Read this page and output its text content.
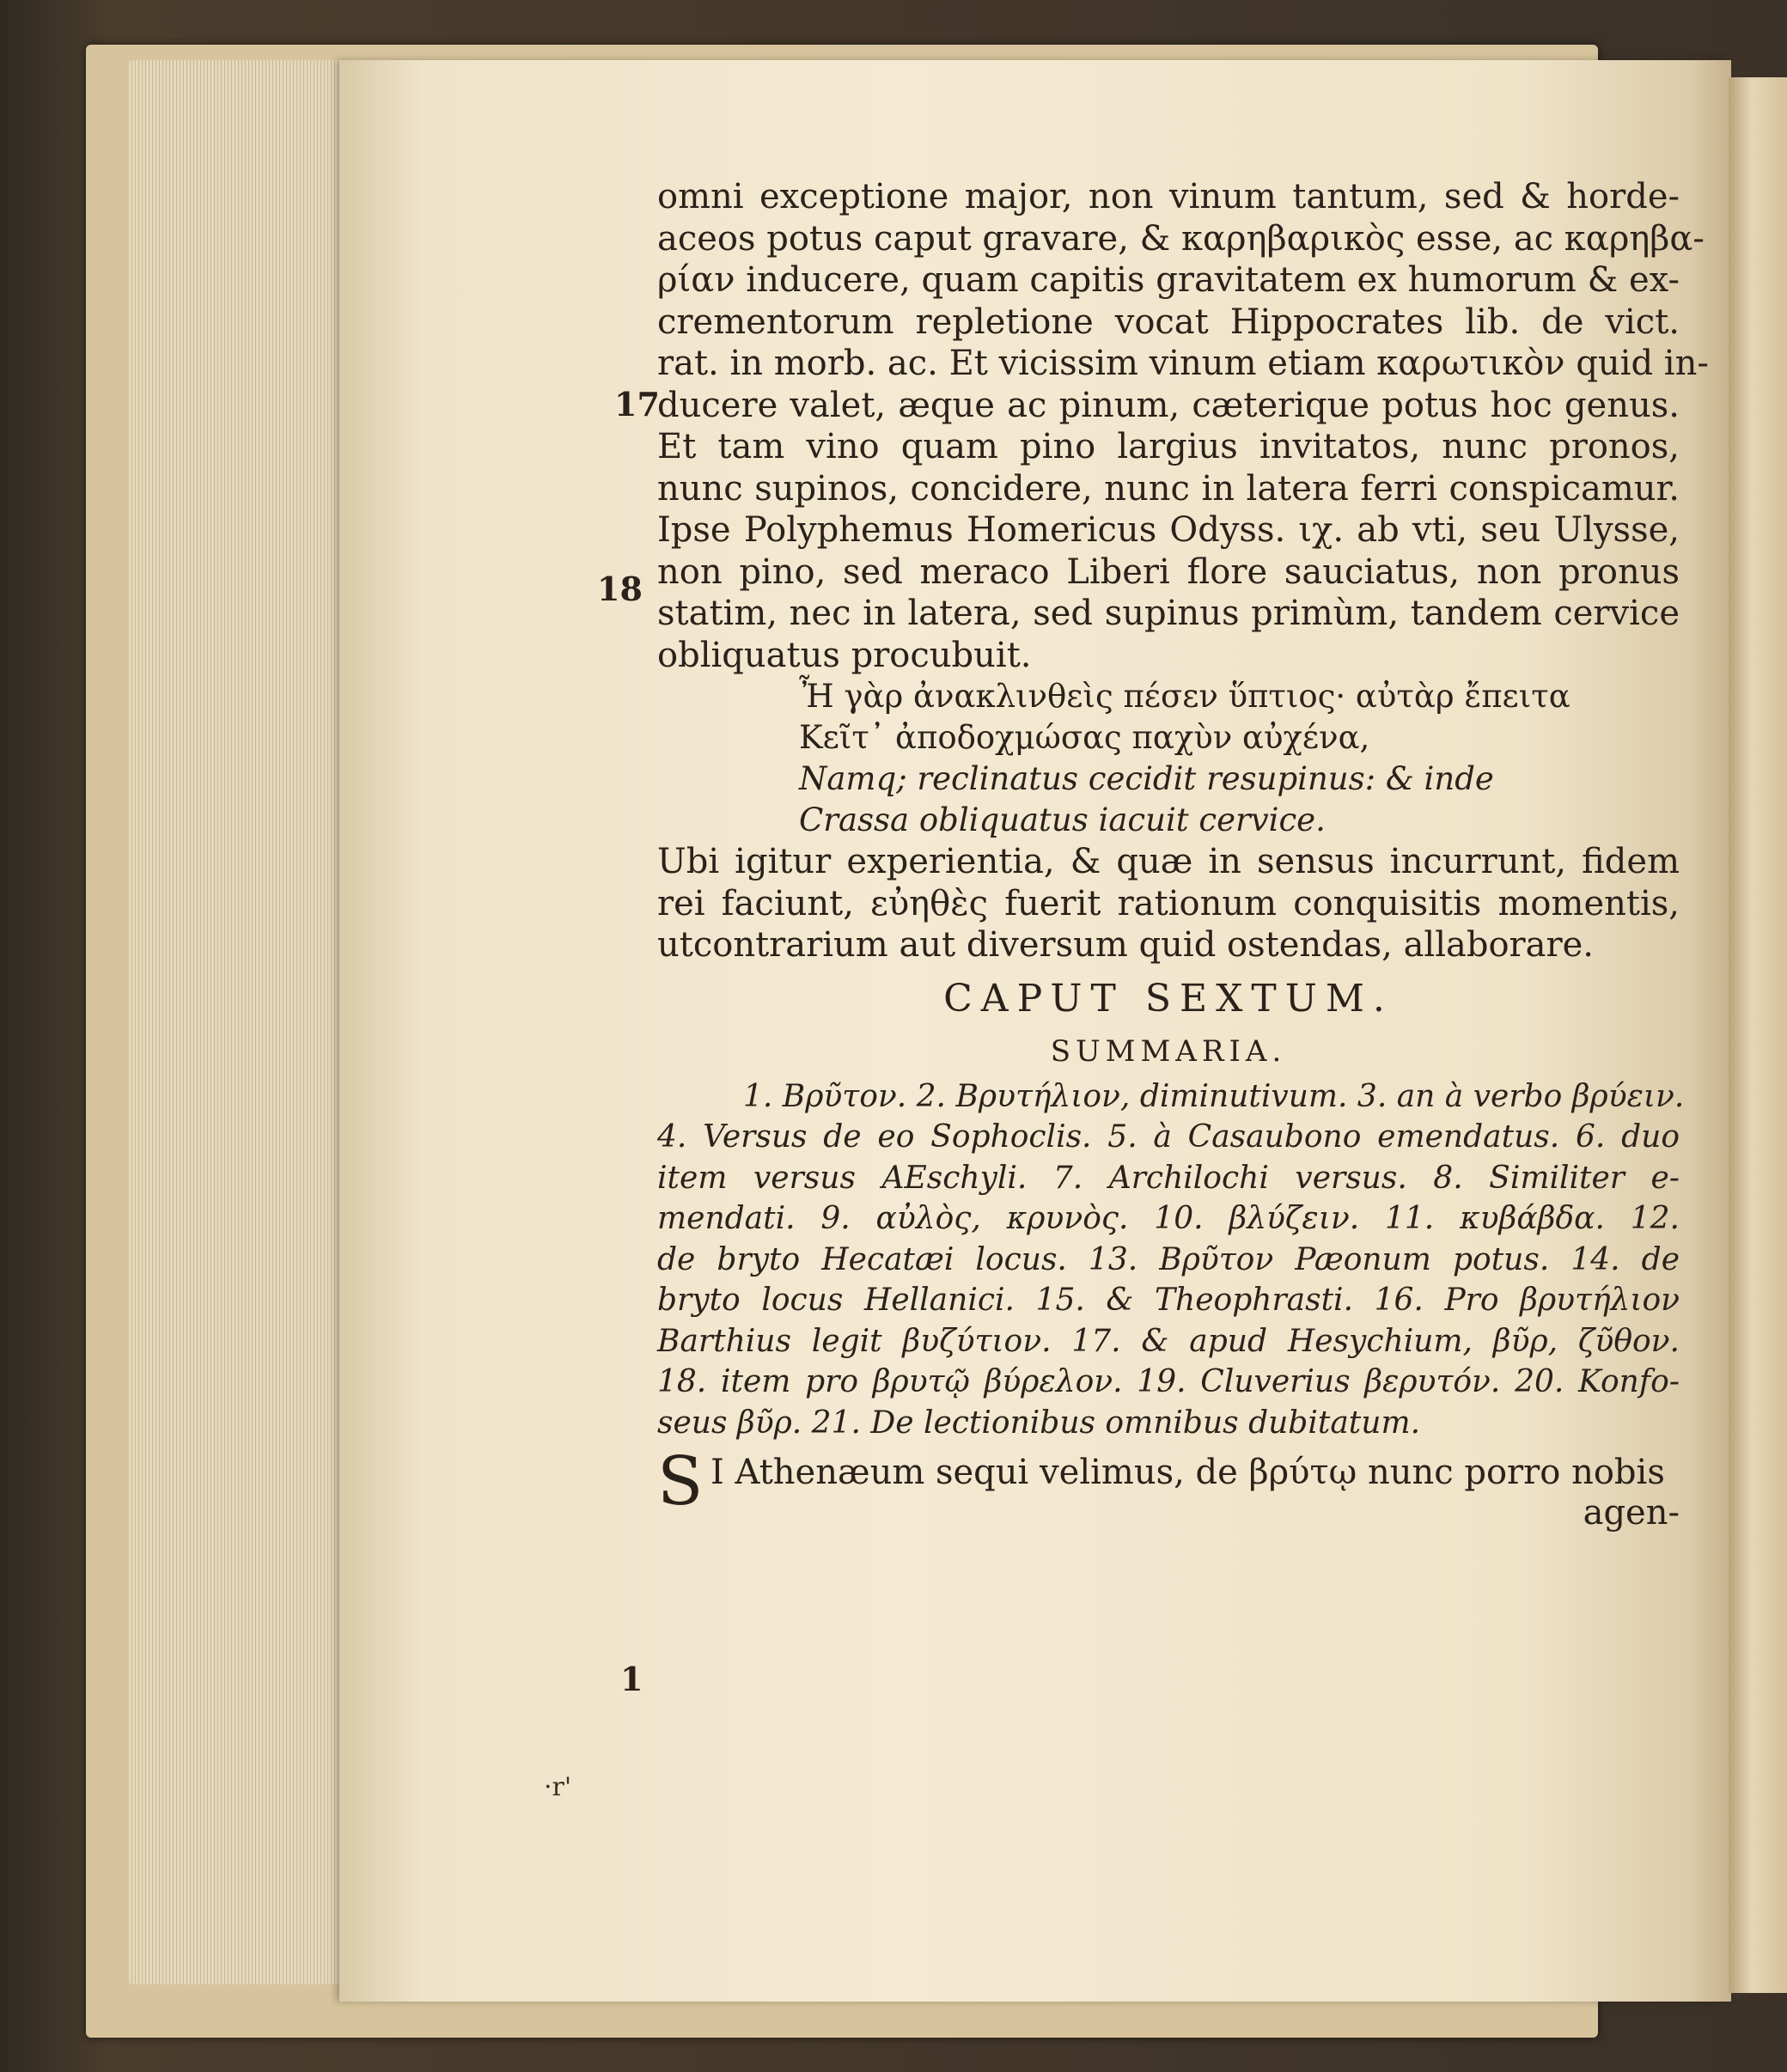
17
18
1
·r'
omni exceptione major, non vinum tantum, sed & horde-
aceos potus caput gravare, & καρηβαρικὸς esse, ac καρηβα-
ρίαν inducere, quam capitis gravitatem ex humorum & ex-
crementorum repletione vocat Hippocrates lib. de vict.
rat. in morb. ac. Et vicissim vinum etiam καρωτικὸν quid in-
ducere valet, æque ac pinum, cæterique potus hoc genus.
Et tam vino quam pino largius invitatos, nunc pronos,
nunc supinos, concidere, nunc in latera ferri conspicamur.
Ipse Polyphemus Homericus Odyss. ιχ. ab vti, seu Ulysse,
non pino, sed meraco Liberi flore sauciatus, non pronus
statim, nec in latera, sed supinus primùm, tandem cervice
obliquatus procubuit.
Ἦ γὰρ ἀνακλινθεὶς πέσεν ὕπτιος· αὐτὰρ ἔπειτα
Κεῖτ᾽ ἀποδοχμώσας παχὺν αὐχένα,
Namq; reclinatus cecidit resupinus: & inde
Crassa obliquatus iacuit cervice.
Ubi igitur experientia, & quæ in sensus incurrunt, fidem
rei faciunt, εὐηθὲς fuerit rationum conquisitis momentis,
utcontrarium aut diversum quid ostendas, allaborare.
CAPUT SEXTUM.
SUMMARIA.
1. Βρῦτον. 2. Βρυτήλιον, diminutivum. 3. an à verbo βρύειν.
4. Versus de eo Sophoclis. 5. à Casaubono emendatus. 6. duo
item versus AEschyli. 7. Archilochi versus. 8. Similiter e-
mendati. 9. αὐλὸς, κρυνὸς. 10. βλύζειν. 11. κυβάβδα. 12.
de bryto Hecatæi locus. 13. Βρῦτον Pæonum potus. 14. de
bryto locus Hellanici. 15. & Theophrasti. 16. Pro βρυτήλιον
Barthius legit βυζύτιον. 17. & apud Hesychium, βῦρ, ζῦθον.
18. item pro βρυτῷ βύρελον. 19. Cluverius βερυτόν. 20. Konfo-
seus βῦρ. 21. De lectionibus omnibus dubitatum.
S I Athenæum sequi velimus, de βρύτῳ nunc porro nobis
agen-
